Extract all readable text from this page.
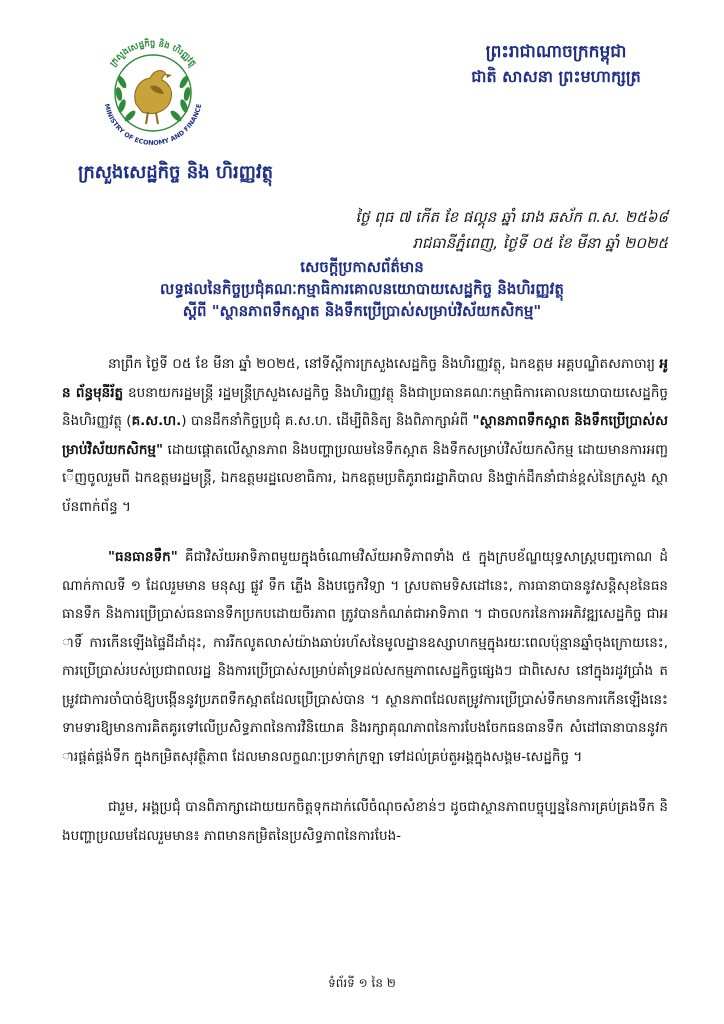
ក្រសួងសេដ្ឋកិច្ច និង ហិរញ្ញវត្ថុ
MINISTRY OF ECONOMY AND FINANCE
ក្រសួងសេដ្ឋកិច្ច និង ហិរញ្ញវត្ថុ
ព្រះរាជាណាចក្រកម្ពុជា
ជាតិ សាសនា ព្រះមហាក្សត្រ
ថ្ងៃ ពុធ ៧ កើត ខែ ផល្គុន ឆ្នាំ រោង ឆស័ក ព.ស. ២៥៦៨
រាជធានីភ្នំពេញ, ថ្ងៃទី ០៥ ខែ មីនា ឆ្នាំ ២០២៥
សេចក្តីប្រកាសព័ត៌មាន
លទ្ធផលនៃកិច្ចប្រជុំគណៈកម្មាធិការគោលនយោបាយសេដ្ឋកិច្ច និងហិរញ្ញវត្ថុ
ស្តីពី "ស្ថានភាពទឹកស្អាត និងទឹកប្រើប្រាស់សម្រាប់វិស័យកសិកម្ម"

នាព្រឹក ថ្ងៃទី ០៥ ខែ មីនា ឆ្នាំ ២០២៥, នៅទីស្តីការក្រសួងសេដ្ឋកិច្ច និងហិរញ្ញវត្ថុ, ឯកឧត្តម អគ្គបណ្ឌិតសភាចារ្យ អូន ព័ន្ធមុនីរ័ត្ន ឧបនាយករដ្ឋមន្ត្រី រដ្ឋមន្ត្រីក្រសួងសេដ្ឋកិច្ច និងហិរញ្ញវត្ថុ និងជាប្រធានគណៈកម្មាធិការគោលនយោបាយសេដ្ឋកិច្ច និងហិរញ្ញវត្ថុ (គ.ស.ហ.) បានដឹកនាំកិច្ចប្រជុំ គ.ស.ហ. ដើម្បីពិនិត្យ និងពិភាក្សាអំពី "ស្ថានភាពទឹកស្អាត និងទឹកប្រើប្រាស់សម្រាប់វិស័យកសិកម្ម" ដោយផ្តោតលើស្ថានភាព និងបញ្ហាប្រឈមនៃទឹកស្អាត និងទឹកសម្រាប់វិស័យកសិកម្ម ដោយមានការអញ្ជើញចូលរួមពី ឯកឧត្តមរដ្ឋមន្ត្រី, ឯកឧត្តមរដ្ឋលេខាធិការ, ឯកឧត្តមប្រតិភូរាជរដ្ឋាភិបាល និងថ្នាក់ដឹកនាំជាន់ខ្ពស់នៃក្រសួង ស្ថាប័នពាក់ព័ន្ធ ។

"ធនធានទឹក" គឺជាវិស័យអាទិភាពមួយក្នុងចំណោមវិស័យអាទិភាពទាំង ៥ ក្នុងក្របខ័ណ្ឌយុទ្ធសាស្ត្របញ្ចកោណ ដំណាក់កាលទី ១ ដែលរួមមាន មនុស្ស ផ្លូវ ទឹក ភ្លើង និងបច្ចេកវិទ្យា ។ ស្របតាមទិសដៅនេះ, ការធានាបាននូវសន្តិសុខនៃធនធានទឹក និងការប្រើប្រាស់ធនធានទឹកប្រកបដោយចីរភាព ត្រូវបានកំណត់ជាអាទិភាព ។ ជាចលករនៃការអភិវឌ្ឍសេដ្ឋកិច្ច ជាអាទិ៍ ការកើនឡើងផ្ទៃដីដាំដុះ, ការរីកលូតលាស់យ៉ាងឆាប់រហ័សនៃមូលដ្ឋានឧស្សាហកម្មក្នុងរយៈពេលប៉ុន្មានឆ្នាំចុងក្រោយនេះ, ការប្រើប្រាស់របស់ប្រជាពលរដ្ឋ និងការប្រើប្រាស់សម្រាប់គាំទ្រដល់សកម្មភាពសេដ្ឋកិច្ចផ្សេងៗ ជាពិសេស នៅក្នុងរដូវប្រាំង តម្រូវជាការចាំបាច់ឱ្យបង្កើននូវប្រភពទឹកស្អាតដែលប្រើប្រាស់បាន ។ ស្ថានភាពដែលតម្រូវការប្រើប្រាស់ទឹកមានការកើនឡើងនេះ ទាមទារឱ្យមានការគិតគូរទៅលើប្រសិទ្ធភាពនៃការវិនិយោគ និងរក្សាគុណភាពនៃការបែងចែកធនធានទឹក សំដៅធានាបាននូវការផ្គត់ផ្គង់ទឹក ក្នុងកម្រិតសុវត្ថិភាព ដែលមានលក្ខណៈប្រទាក់ក្រឡា ទៅដល់គ្រប់តួអង្គក្នុងសង្គម-សេដ្ឋកិច្ច ។

ជារួម, អង្គប្រជុំ បានពិភាក្សាដោយយកចិត្តទុកដាក់លើចំណុចសំខាន់ៗ ដូចជាស្ថានភាពបច្ចុប្បន្ននៃការគ្រប់គ្រងទឹក និងបញ្ហាប្រឈមដែលរួមមាន៖ ភាពមានកម្រិតនៃប្រសិទ្ធភាពនៃការបែង-

ទំព័រទី ១ នៃ ២
